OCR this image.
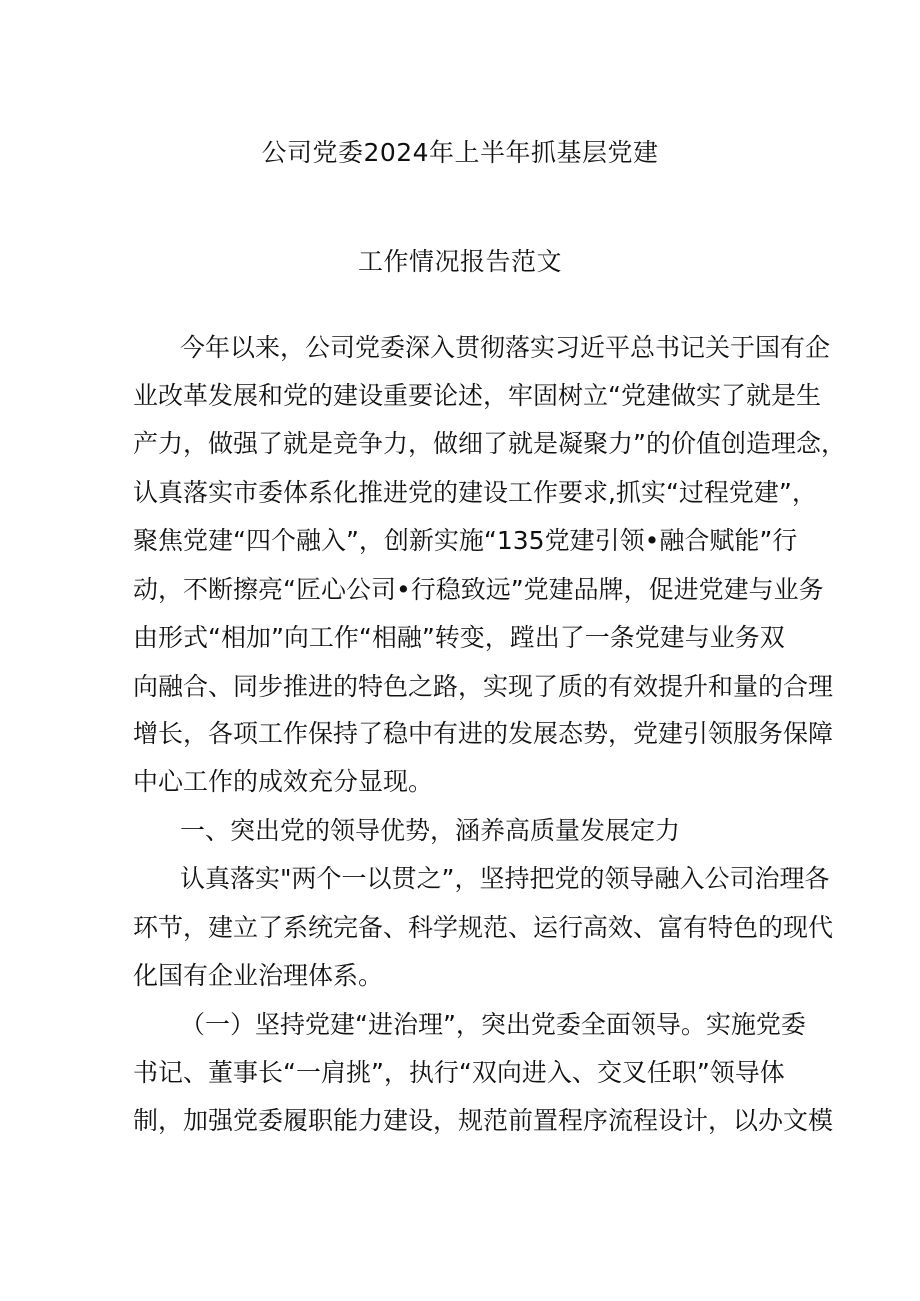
公司党委2024年上半年抓基层党建
工作情况报告范文
今年以来，公司党委深入贯彻落实习近平总书记关于国有企
业改革发展和党的建设重要论述，牢固树立“党建做实了就是生
产力，做强了就是竞争力，做细了就是凝聚力”的价值创造理念，
认真落实市委体系化推进党的建设工作要求,抓实“过程党建”，
聚焦党建“四个融入”，创新实施“135党建引领•融合赋能”行
动，不断擦亮“匠心公司•行稳致远”党建品牌，促进党建与业务
由形式“相加”向工作“相融”转变，蹚出了一条党建与业务双
向融合、同步推进的特色之路，实现了质的有效提升和量的合理
增长，各项工作保持了稳中有进的发展态势，党建引领服务保障
中心工作的成效充分显现。
一、突出党的领导优势，涵养高质量发展定力
认真落实"两个一以贯之”，坚持把党的领导融入公司治理各
环节，建立了系统完备、科学规范、运行高效、富有特色的现代
化国有企业治理体系。
（一）坚持党建“进治理”，突出党委全面领导。实施党委
书记、董事长“一肩挑”，执行“双向进入、交叉任职”领导体
制，加强党委履职能力建设，规范前置程序流程设计，以办文模
